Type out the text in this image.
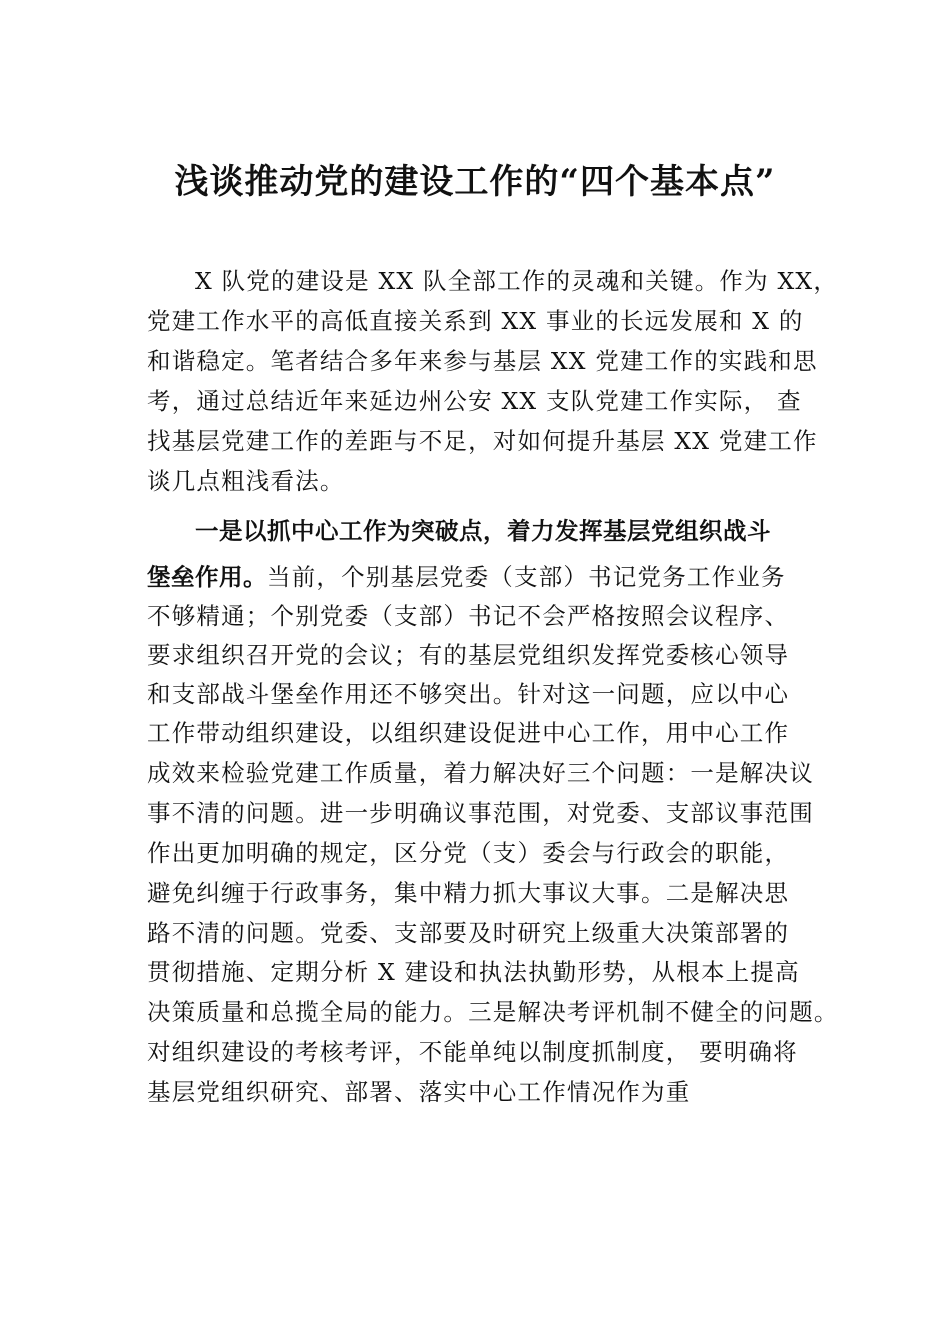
浅谈推动党的建设工作的“四个基本点”
X 队党的建设是 XX 队全部工作的灵魂和关键。作为 XX，
党建工作水平的高低直接关系到 XX 事业的长远发展和 X 的
和谐稳定。笔者结合多年来参与基层 XX 党建工作的实践和思
考，通过总结近年来延边州公安 XX 支队党建工作实际， 查
找基层党建工作的差距与不足，对如何提升基层 XX 党建工作
谈几点粗浅看法。
一是以抓中心工作为突破点，着力发挥基层党组织战斗
堡垒作用。当前，个别基层党委（支部）书记党务工作业务
不够精通；个别党委（支部）书记不会严格按照会议程序、
要求组织召开党的会议；有的基层党组织发挥党委核心领导
和支部战斗堡垒作用还不够突出。针对这一问题，应以中心
工作带动组织建设，以组织建设促进中心工作，用中心工作
成效来检验党建工作质量，着力解决好三个问题：一是解决议
事不清的问题。进一步明确议事范围，对党委、支部议事范围
作出更加明确的规定，区分党（支）委会与行政会的职能，
避免纠缠于行政事务，集中精力抓大事议大事。二是解决思
路不清的问题。党委、支部要及时研究上级重大决策部署的
贯彻措施、定期分析 X 建设和执法执勤形势，从根本上提高
决策质量和总揽全局的能力。三是解决考评机制不健全的问题。
对组织建设的考核考评，不能单纯以制度抓制度， 要明确将
基层党组织研究、部署、落实中心工作情况作为重
